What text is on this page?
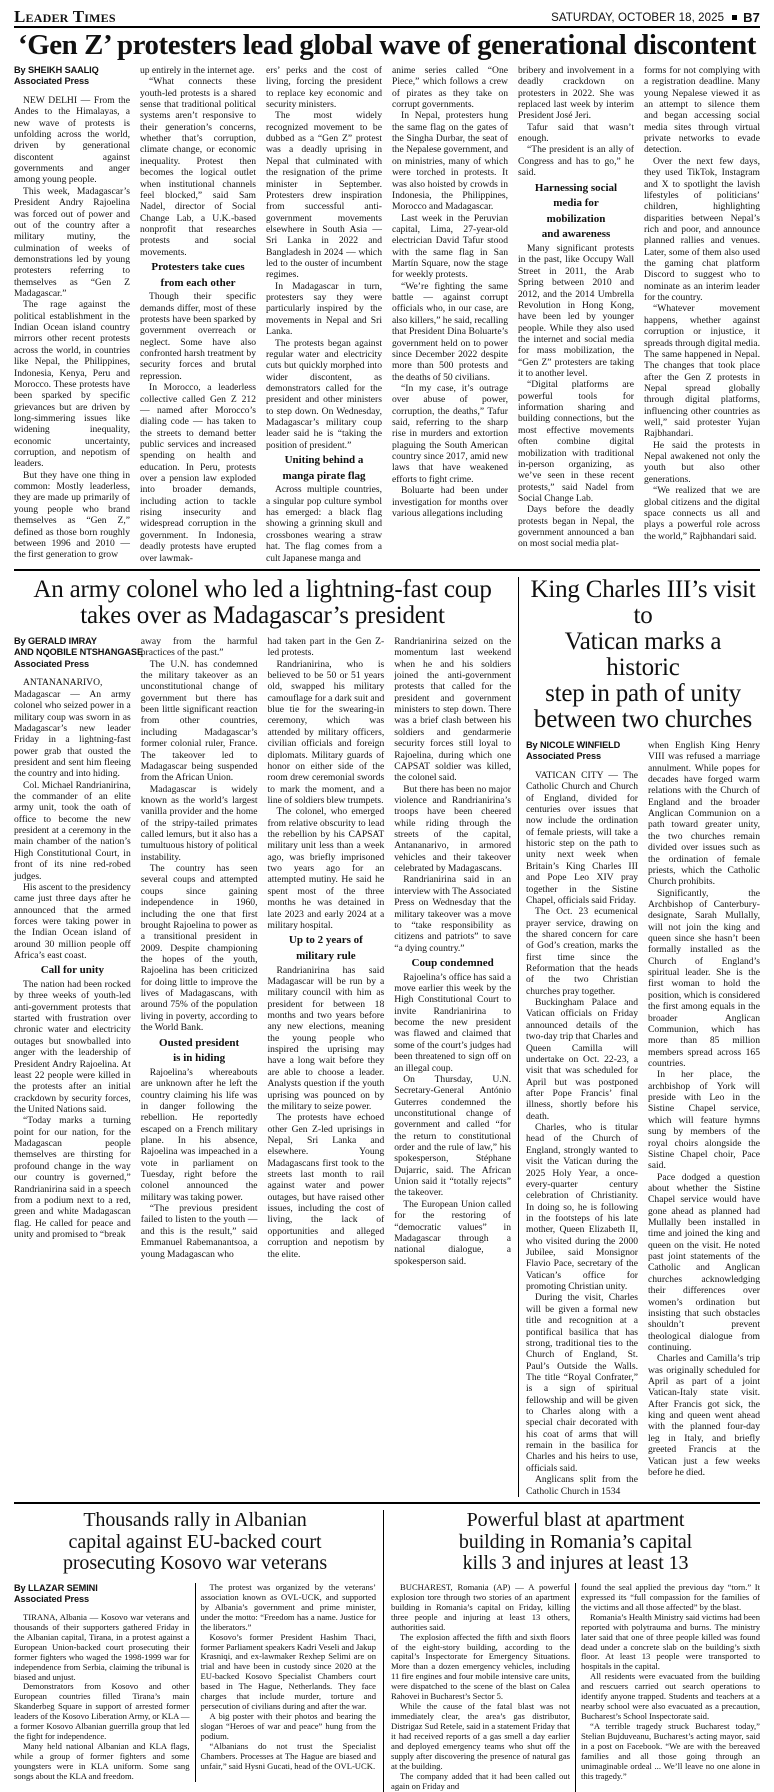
Leader Times	SATURDAY, OCTOBER 18, 2025 B7
‘Gen Z’ protesters lead global wave of generational discontent
By SHEIKH SAALIQ
Associated Press

NEW DELHI — From the Andes to the Himalayas, a new wave of protests is unfolding across the world, driven by generational discontent against governments and anger among young people.

This week, Madagascar’s President Andry Rajoelina was forced out of power and out of the country after a military mutiny, the culmination of weeks of demonstrations led by young protesters referring to themselves as “Gen Z Madagascar.”

The rage against the political establishment in the Indian Ocean island country mirrors other recent protests across the world, in countries like Nepal, the Philippines, Indonesia, Kenya, Peru and Morocco. These protests have been sparked by specific grievances but are driven by long-simmering issues like widening inequality, economic uncertainty, corruption, and nepotism of leaders.

But they have one thing in common: Mostly leaderless, they are made up primarily of young people who brand themselves as “Gen Z,” defined as those born roughly between 1996 and 2010 — the first generation to grow

up entirely in the internet age.

“What connects these youth-led protests is a shared sense that traditional political systems aren’t responsive to their generation’s concerns, whether that’s corruption, climate change, or economic inequality. Protest then becomes the logical outlet when institutional channels feel blocked,” said Sam Nadel, director of Social Change Lab, a U.K.-based nonprofit that researches protests and social movements.

Protesters take cues
from each other

Though their specific demands differ, most of these protests have been sparked by government overreach or neglect. Some have also confronted harsh treatment by security forces and brutal repression.

In Morocco, a leaderless collective called Gen Z 212 — named after Morocco’s dialing code — has taken to the streets to demand better public services and increased spending on health and education. In Peru, protests over a pension law exploded into broader demands, including action to tackle rising insecurity and widespread corruption in the government. In Indonesia, deadly protests have erupted over lawmak-

ers’ perks and the cost of living, forcing the president to replace key economic and security ministers.

The most widely recognized movement to be dubbed as a “Gen Z” protest was a deadly uprising in Nepal that culminated with the resignation of the prime minister in September. Protesters drew inspiration from successful anti-government movements elsewhere in South Asia — Sri Lanka in 2022 and Bangladesh in 2024 — which led to the ouster of incumbent regimes.

In Madagascar in turn, protesters say they were particularly inspired by the movements in Nepal and Sri Lanka.

The protests began against regular water and electricity cuts but quickly morphed into wider discontent, as demonstrators called for the president and other ministers to step down. On Wednesday, Madagascar’s military coup leader said he is “taking the position of president.”

Uniting behind a
manga pirate flag

Across multiple countries, a singular pop culture symbol has emerged: a black flag showing a grinning skull and crossbones wearing a straw hat. The flag comes from a cult Japanese manga and

anime series called “One Piece,” which follows a crew of pirates as they take on corrupt governments.

In Nepal, protesters hung the same flag on the gates of the Singha Durbar, the seat of the Nepalese government, and on ministries, many of which were torched in protests. It was also hoisted by crowds in Indonesia, the Philippines, Morocco and Madagascar.

Last week in the Peruvian capital, Lima, 27-year-old electrician David Tafur stood with the same flag in San Martín Square, now the stage for weekly protests.

“We’re fighting the same battle — against corrupt officials who, in our case, are also killers,” he said, recalling that President Dina Boluarte’s government held on to power since December 2022 despite more than 500 protests and the deaths of 50 civilians.

“In my case, it’s outrage over abuse of power, corruption, the deaths,” Tafur said, referring to the sharp rise in murders and extortion plaguing the South American country since 2017, amid new laws that have weakened efforts to fight crime.

Boluarte had been under investigation for months over various allegations including

bribery and involvement in a deadly crackdown on protesters in 2022. She was replaced last week by interim President José Jeri.

Tafur said that wasn’t enough.

“The president is an ally of Congress and has to go,” he said.

Harnessing social
media for
mobilization
and awareness

Many significant protests in the past, like Occupy Wall Street in 2011, the Arab Spring between 2010 and 2012, and the 2014 Umbrella Revolution in Hong Kong, have been led by younger people. While they also used the internet and social media for mass mobilization, the “Gen Z” protesters are taking it to another level.

“Digital platforms are powerful tools for information sharing and building connections, but the most effective movements often combine digital mobilization with traditional in-person organizing, as we’ve seen in these recent protests,” said Nadel from Social Change Lab.

Days before the deadly protests began in Nepal, the government announced a ban on most social media plat-

forms for not complying with a registration deadline. Many young Nepalese viewed it as an attempt to silence them and began accessing social media sites through virtual private networks to evade detection.

Over the next few days, they used TikTok, Instagram and X to spotlight the lavish lifestyles of politicians’ children, highlighting disparities between Nepal’s rich and poor, and announce planned rallies and venues. Later, some of them also used the gaming chat platform Discord to suggest who to nominate as an interim leader for the country.

“Whatever movement happens, whether against corruption or injustice, it spreads through digital media. The same happened in Nepal. The changes that took place after the Gen Z protests in Nepal spread globally through digital platforms, influencing other countries as well,” said protester Yujan Rajbhandari.

He said the protests in Nepal awakened not only the youth but also other generations.

“We realized that we are global citizens and the digital space connects us all and plays a powerful role across the world,” Rajbhandari said.

An army colonel who led a lightning-fast coup
takes over as Madagascar’s president
By GERALD IMRAY
AND NQOBILE NTSHANGASE
Associated Press

ANTANANARIVO, Madagascar — An army colonel who seized power in a military coup was sworn in as Madagascar’s new leader Friday in a lightning-fast power grab that ousted the president and sent him fleeing the country and into hiding.

Col. Michael Randrianirina, the commander of an elite army unit, took the oath of office to become the new president at a ceremony in the main chamber of the nation’s High Constitutional Court, in front of its nine red-robed judges.

His ascent to the presidency came just three days after he announced that the armed forces were taking power in the Indian Ocean island of around 30 million people off Africa’s east coast.

Call for unity

The nation had been rocked by three weeks of youth-led anti-government protests that started with frustration over chronic water and electricity outages but snowballed into anger with the leadership of President Andry Rajoelina. At least 22 people were killed in the protests after an initial crackdown by security forces, the United Nations said.

“Today marks a turning point for our nation, for the Madagascan people themselves are thirsting for profound change in the way our country is governed,” Randrianirina said in a speech from a podium next to a red, green and white Madagascan flag. He called for peace and unity and promised to “break

away from the harmful practices of the past.”

The U.N. has condemned the military takeover as an unconstitutional change of government but there has been little significant reaction from other countries, including Madagascar’s former colonial ruler, France. The takeover led to Madagascar being suspended from the African Union.

Madagascar is widely known as the world’s largest vanilla provider and the home of the stripy-tailed primates called lemurs, but it also has a tumultuous history of political instability.

The country has seen several coups and attempted coups since gaining independence in 1960, including the one that first brought Rajoelina to power as a transitional president in 2009. Despite championing the hopes of the youth, Rajoelina has been criticized for doing little to improve the lives of Madagascans, with around 75% of the population living in poverty, according to the World Bank.

Ousted president
is in hiding

Rajoelina’s whereabouts are unknown after he left the country claiming his life was in danger following the rebellion. He reportedly escaped on a French military plane. In his absence, Rajoelina was impeached in a vote in parliament on Tuesday, right before the colonel announced the military was taking power.

“The previous president failed to listen to the youth — and this is the result,” said Emmanuel Rabemanantsoa, a young Madagascan who

had taken part in the Gen Z-led protests.

Randrianirina, who is believed to be 50 or 51 years old, swapped his military camouflage for a dark suit and blue tie for the swearing-in ceremony, which was attended by military officers, civilian officials and foreign diplomats. Military guards of honor on either side of the room drew ceremonial swords to mark the moment, and a line of soldiers blew trumpets.

The colonel, who emerged from relative obscurity to lead the rebellion by his CAPSAT military unit less than a week ago, was briefly imprisoned two years ago for an attempted mutiny. He said he spent most of the three months he was detained in late 2023 and early 2024 at a military hospital.

Up to 2 years of
military rule

Randrianirina has said Madagascar will be run by a military council with him as president for between 18 months and two years before any new elections, meaning the young people who inspired the uprising may have a long wait before they are able to choose a leader. Analysts question if the youth uprising was pounced on by the military to seize power.

The protests have echoed other Gen Z-led uprisings in Nepal, Sri Lanka and elsewhere. Young Madagascans first took to the streets last month to rail against water and power outages, but have raised other issues, including the cost of living, the lack of opportunities and alleged corruption and nepotism by the elite.

Randrianirina seized on the momentum last weekend when he and his soldiers joined the anti-government protests that called for the president and government ministers to step down. There was a brief clash between his soldiers and gendarmerie security forces still loyal to Rajoelina, during which one CAPSAT soldier was killed, the colonel said.

But there has been no major violence and Randrianirina’s troops have been cheered while riding through the streets of the capital, Antananarivo, in armored vehicles and their takeover celebrated by Madagascans.

Randrianirina said in an interview with The Associated Press on Wednesday that the military takeover was a move to “take responsibility as citizens and patriots” to save “a dying country.”

Coup condemned

Rajoelina’s office has said a move earlier this week by the High Constitutional Court to invite Randrianirina to become the new president was flawed and claimed that some of the court’s judges had been threatened to sign off on an illegal coup.

On Thursday, U.N. Secretary-General António Guterres condemned the unconstitutional change of government and called “for the return to constitutional order and the rule of law,” his spokesperson, Stéphane Dujarric, said. The African Union said it “totally rejects” the takeover.

The European Union called for the restoring of “democratic values” in Madagascar through a national dialogue, a spokesperson said.

King Charles III’s visit to
Vatican marks a historic
step in path of unity
between two churches
By NICOLE WINFIELD
Associated Press

VATICAN CITY — The Catholic Church and Church of England, divided for centuries over issues that now include the ordination of female priests, will take a historic step on the path to unity next week when Britain’s King Charles III and Pope Leo XIV pray together in the Sistine Chapel, officials said Friday.

The Oct. 23 ecumenical prayer service, drawing on the shared concern for care of God’s creation, marks the first time since the Reformation that the heads of the two Christian churches pray together.

Buckingham Palace and Vatican officials on Friday announced details of the two-day trip that Charles and Queen Camilla will undertake on Oct. 22-23, a visit that was scheduled for April but was postponed after Pope Francis’ final illness, shortly before his death.

Charles, who is titular head of the Church of England, strongly wanted to visit the Vatican during the 2025 Holy Year, a once-every-quarter century celebration of Christianity. In doing so, he is following in the footsteps of his late mother, Queen Elizabeth II, who visited during the 2000 Jubilee, said Monsignor Flavio Pace, secretary of the Vatican’s office for promoting Christian unity.

During the visit, Charles will be given a formal new title and recognition at a pontifical basilica that has strong, traditional ties to the Church of England, St. Paul’s Outside the Walls. The title “Royal Confrater,” is a sign of spiritual fellowship and will be given to Charles along with a special chair decorated with his coat of arms that will remain in the basilica for Charles and his heirs to use, officials said.

Anglicans split from the Catholic Church in 1534

when English King Henry VIII was refused a marriage annulment. While popes for decades have forged warm relations with the Church of England and the broader Anglican Communion on a path toward greater unity, the two churches remain divided over issues such as the ordination of female priests, which the Catholic Church prohibits.

Significantly, the Archbishop of Canterbury-designate, Sarah Mullally, will not join the king and queen since she hasn’t been formally installed as the Church of England’s spiritual leader. She is the first woman to hold the position, which is considered the first among equals in the broader Anglican Communion, which has more than 85 million members spread across 165 countries.

In her place, the archbishop of York will preside with Leo in the Sistine Chapel service, which will feature hymns sung by members of the royal choirs alongside the Sistine Chapel choir, Pace said.

Pace dodged a question about whether the Sistine Chapel service would have gone ahead as planned had Mullally been installed in time and joined the king and queen on the visit. He noted past joint statements of the Catholic and Anglican churches acknowledging their differences over women’s ordination but insisting that such obstacles shouldn’t prevent theological dialogue from continuing.

Charles and Camilla’s trip was originally scheduled for April as part of a joint Vatican-Italy state visit. After Francis got sick, the king and queen went ahead with the planned four-day leg in Italy, and briefly greeted Francis at the Vatican just a few weeks before he died.

Thousands rally in Albanian
capital against EU-backed court
prosecuting Kosovo war veterans
By LLAZAR SEMINI
Associated Press

TIRANA, Albania — Kosovo war veterans and thousands of their supporters gathered Friday in the Albanian capital, Tirana, in a protest against a European Union-backed court prosecuting their former fighters who waged the 1998-1999 war for independence from Serbia, claiming the tribunal is biased and unjust.

Demonstrators from Kosovo and other European countries filled Tirana’s main Skanderbeg Square in support of arrested former leaders of the Kosovo Liberation Army, or KLA — a former Kosovo Albanian guerrilla group that led the fight for independence.

Many held national Albanian and KLA flags, while a group of former fighters and some youngsters were in KLA uniform. Some sang songs about the KLA and freedom.

The protest was organized by the veterans’ association known as OVL-UCK, and supported by Albania’s government and prime minister, under the motto: “Freedom has a name. Justice for the liberators.”

Kosovo’s former President Hashim Thaci, former Parliament speakers Kadri Veseli and Jakup Krasniqi, and ex-lawmaker Rexhep Selimi are on trial and have been in custody since 2020 at the EU-backed Kosovo Specialist Chambers court based in The Hague, Netherlands. They face charges that include murder, torture and persecution of civilians during and after the war.

A big poster with their photos and bearing the slogan “Heroes of war and peace” hung from the podium.

“Albanians do not trust the Specialist Chambers. Processes at The Hague are biased and unfair,” said Hysni Gucati, head of the OVL-UCK.

Powerful blast at apartment
building in Romania’s capital
kills 3 and injures at least 13

BUCHAREST, Romania (AP) — A powerful explosion tore through two stories of an apartment building in Romania’s capital on Friday, killing three people and injuring at least 13 others, authorities said.

The explosion affected the fifth and sixth floors of the eight-story building, according to the capital’s Inspectorate for Emergency Situations. More than a dozen emergency vehicles, including 11 fire engines and four mobile intensive care units, were dispatched to the scene of the blast on Calea Rahovei in Bucharest’s Sector 5.

While the cause of the fatal blast was not immediately clear, the area’s gas distributor, Distrigaz Sud Retele, said in a statement Friday that it had received reports of a gas smell a day earlier and deployed emergency teams who shut off the supply after discovering the presence of natural gas at the building.

The company added that it had been called out again on Friday and

found the seal applied the previous day “torn.” It expressed its “full compassion for the families of the victims and all those affected” by the blast.

Romania’s Health Ministry said victims had been reported with polytrauma and burns. The ministry later said that one of three people killed was found dead under a concrete slab on the building’s sixth floor. At least 13 people were transported to hospitals in the capital.

All residents were evacuated from the building and rescuers carried out search operations to identify anyone trapped. Students and teachers at a nearby school were also evacuated as a precaution, Bucharest’s School Inspectorate said.

“A terrible tragedy struck Bucharest today,” Stelian Bujduveanu, Bucharest’s acting mayor, said in a post on Facebook. “We are with the bereaved families and all those going through an unimaginable ordeal ... We’ll leave no one alone in this tragedy.”
